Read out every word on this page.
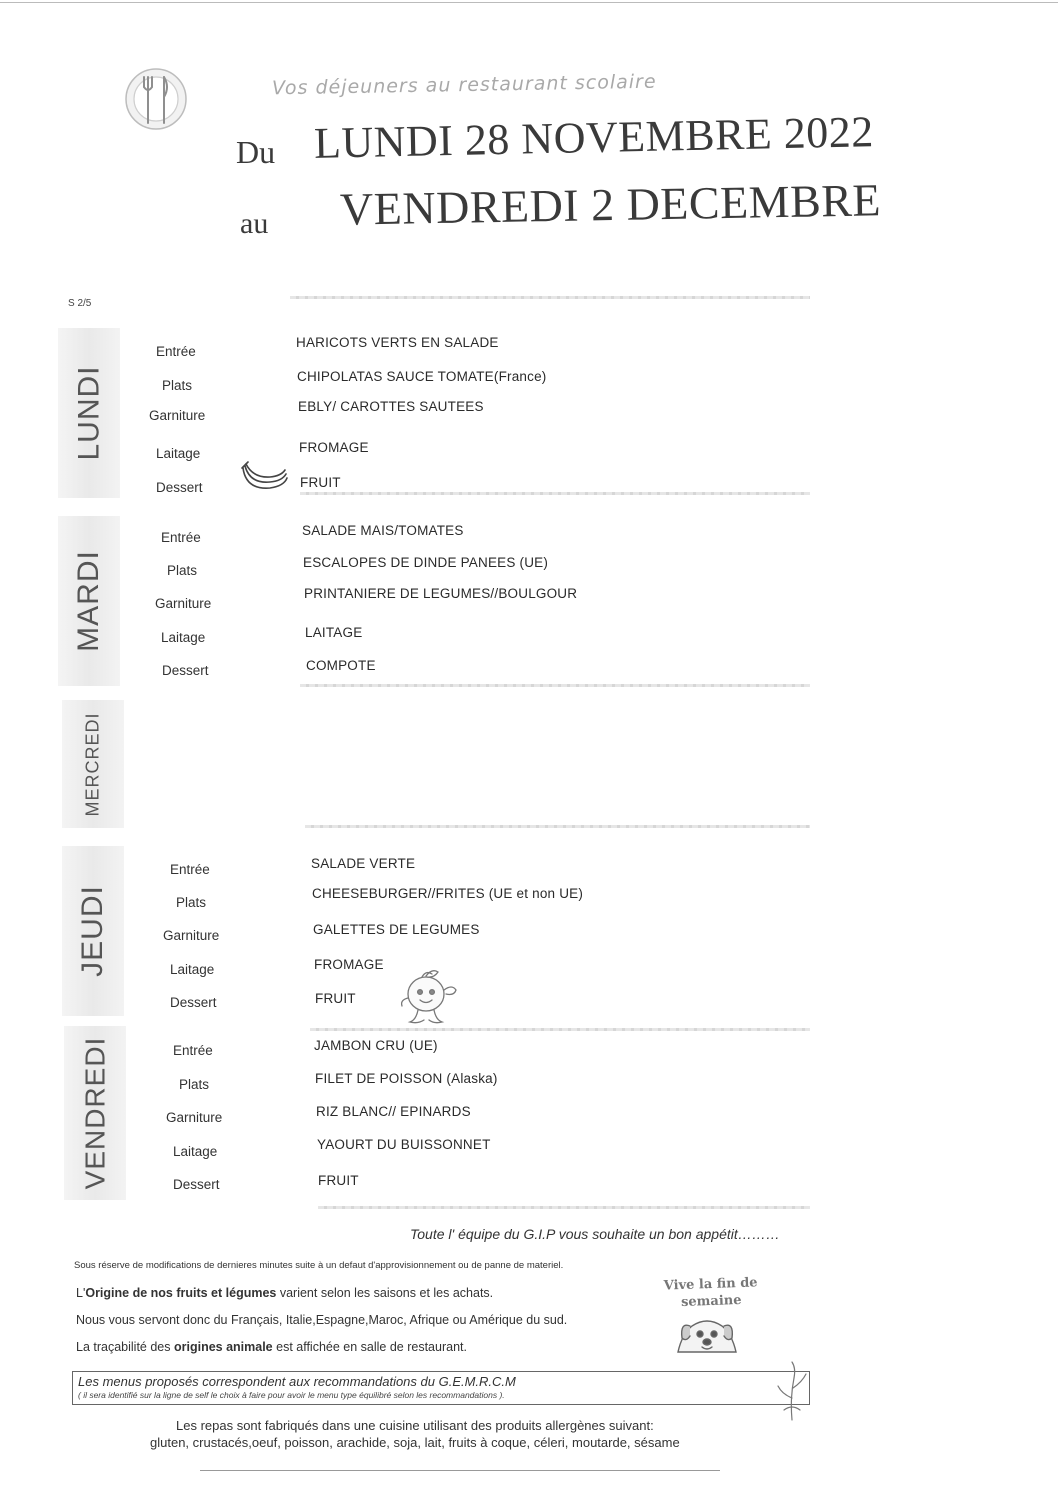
Vos déjeuners au restaurant scolaire
Du LUNDI 28 NOVEMBRE 2022
au VENDREDI 2 DECEMBRE
S 2/5
LUNDI
Entrée
Plats
Garniture
Laitage
Dessert
HARICOTS VERTS EN SALADE
CHIPOLATAS SAUCE TOMATE(France)
EBLY/ CAROTTES SAUTEES
FROMAGE
FRUIT
MARDI
Entrée
Plats
Garniture
Laitage
Dessert
SALADE MAIS/TOMATES
ESCALOPES DE DINDE PANEES (UE)
PRINTANIERE DE LEGUMES//BOULGOUR
LAITAGE
COMPOTE
MERCREDI
JEUDI
Entrée
Plats
Garniture
Laitage
Dessert
SALADE VERTE
CHEESEBURGER//FRITES (UE et non UE)
GALETTES DE LEGUMES
FROMAGE
FRUIT
VENDREDI	Entrée
Plats
Garniture
Laitage
Dessert
JAMBON CRU (UE)
FILET DE POISSON (Alaska)
RIZ BLANC// EPINARDS
YAOURT DU BUISSONNET
FRUIT
Toute l' équipe du G.I.P vous souhaite un bon appétit………
Sous réserve de modifications de dernieres minutes suite à un defaut d'approvisionnement ou de panne de materiel.
L'Origine de nos fruits et légumes varient selon les saisons et les achats.
Nous vous servont donc du Français, Italie,Espagne,Maroc, Afrique ou Amérique du sud.
La traçabilité des origines animale est affichée en salle de restaurant.
Vive la fin de
semaine
Les menus proposés correspondent aux recommandations du G.E.M.R.C.M
( il sera identifié sur la ligne de self le choix à faire pour avoir le menu type équilibré selon les recommandations ).
Les repas sont fabriqués dans une cuisine utilisant des produits allergènes suivant:
gluten, crustacés,oeuf, poisson, arachide, soja, lait, fruits à coque, céleri, moutarde, sésame
